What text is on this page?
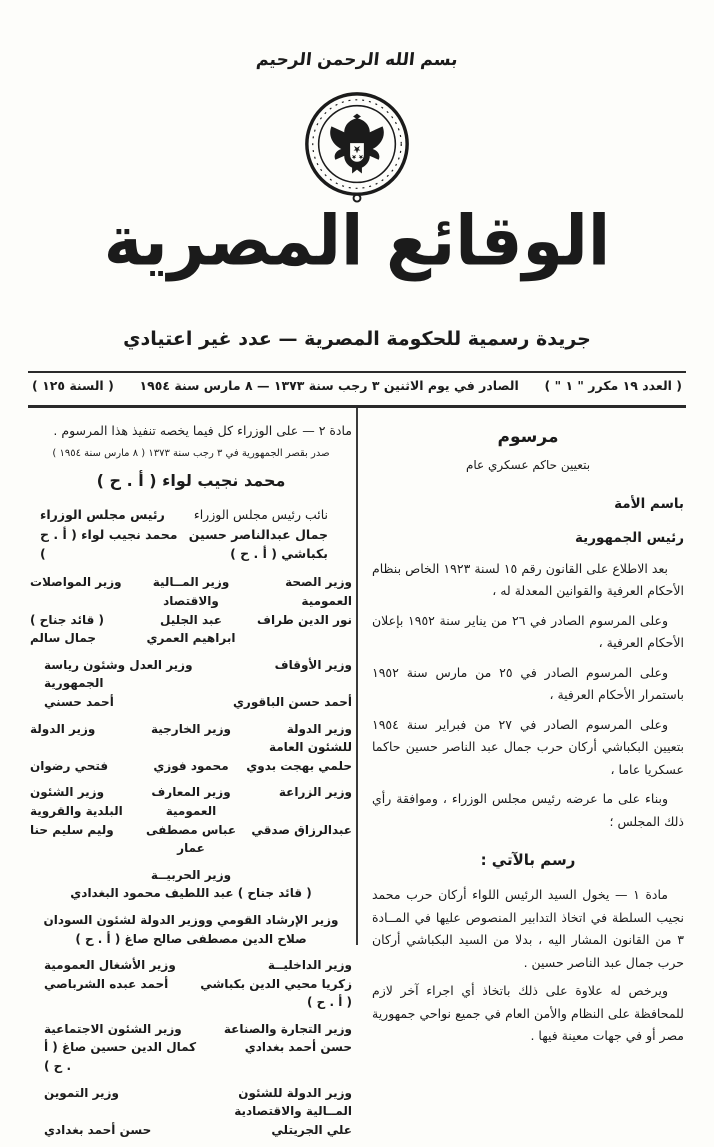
بسم الله الرحمن الرحيم
الوقائع المصرية
جريدة رسمية للحكومة المصرية — عدد غير اعتيادي
( العدد ١٩ مكرر " ١ " )
الصادر في يوم الاثنين ٣ رجب سنة ١٣٧٣ — ٨ مارس سنة ١٩٥٤
( السنة ١٢٥ )
مرسوم
بتعيين حاكم عسكري عام
باسم الأمة
رئيس الجمهورية

بعد الاطلاع على القانون رقم ١٥ لسنة ١٩٢٣ الخاص بنظام الأحكام العرفية والقوانين المعدلة له ،

وعلى المرسوم الصادر في ٢٦ من يناير سنة ١٩٥٢ بإعلان الأحكام العرفية ،

وعلى المرسوم الصادر في ٢٥ من مارس سنة ١٩٥٢ باستمرار الأحكام العرفية ،

وعلى المرسوم الصادر في ٢٧ من فبراير سنة ١٩٥٤ بتعيين البكباشي أركان حرب جمال عبد الناصر حسين حاكما عسكريا عاما ،

وبناء على ما عرضه رئيس مجلس الوزراء ، وموافقة رأي ذلك المجلس ؛

رسم بالآتي :

مادة ١ — يخول السيد الرئيس اللواء أركان حرب محمد نجيب السلطة في اتخاذ التدابير المنصوص عليها في المــادة ٣ من القانون المشار اليه ، بدلا من السيد البكباشي أركان حرب جمال عبد الناصر حسين .

ويرخص له علاوة على ذلك باتخاذ أي اجراء آخر لازم للمحافظة على النظام والأمن العام في جميع نواحي جمهورية مصر أو في جهات معينة فيها .

مادة ٢ — على الوزراء كل فيما يخصه تنفيذ هذا المرسوم .

صدر بقصر الجمهورية في ٣ رجب سنة ١٣٧٣ ( ٨ مارس سنة ١٩٥٤ )
محمد نجيب لواء ( أ . ح )
نائب رئيس مجلس الوزراء
رئيس مجلس الوزراء
جمال عبدالناصر حسين بكباشي ( أ . ح )
محمد نجيب لواء ( أ . ح )
وزير الصحة العمومية
وزير المــالية والاقتصاد
وزير المواصلات
نور الدين طراف
عبد الجليل ابراهيم العمري
( قائد جناح ) جمال سالم
وزير الأوقاف
وزير العدل وشئون رياسة الجمهورية
أحمد حسن الباقوري
أحمد حسني
وزير الدولة للشئون العامة
وزير الخارجية
وزير الدولة
حلمي بهجت بدوي
محمود فوزي
فتحي رضوان
وزير الزراعة
وزير المعارف العمومية
وزير الشئون البلدية والقروية
عبدالرزاق صدقي
عباس مصطفى عمار
وليم سليم حنا
وزير الحربيــة
( قائد جناح ) عبد اللطيف محمود البغدادي
وزير الإرشاد القومي ووزير الدولة لشئون السودان
صلاح الدين مصطفى صالح صاغ ( أ . ح )
وزير الداخليــة
وزير الأشغال العمومية
زكريا محيي الدين بكباشي ( أ . ح )
أحمد عبده الشرباصي
وزير التجارة والصناعة
وزير الشئون الاجتماعية
حسن أحمد بغدادي
كمال الدين حسين صاغ ( أ . ح )
وزير الدولة للشئون المــالية والاقتصادية
وزير التموين
علي الجريتلي
حسن أحمد بغدادي
